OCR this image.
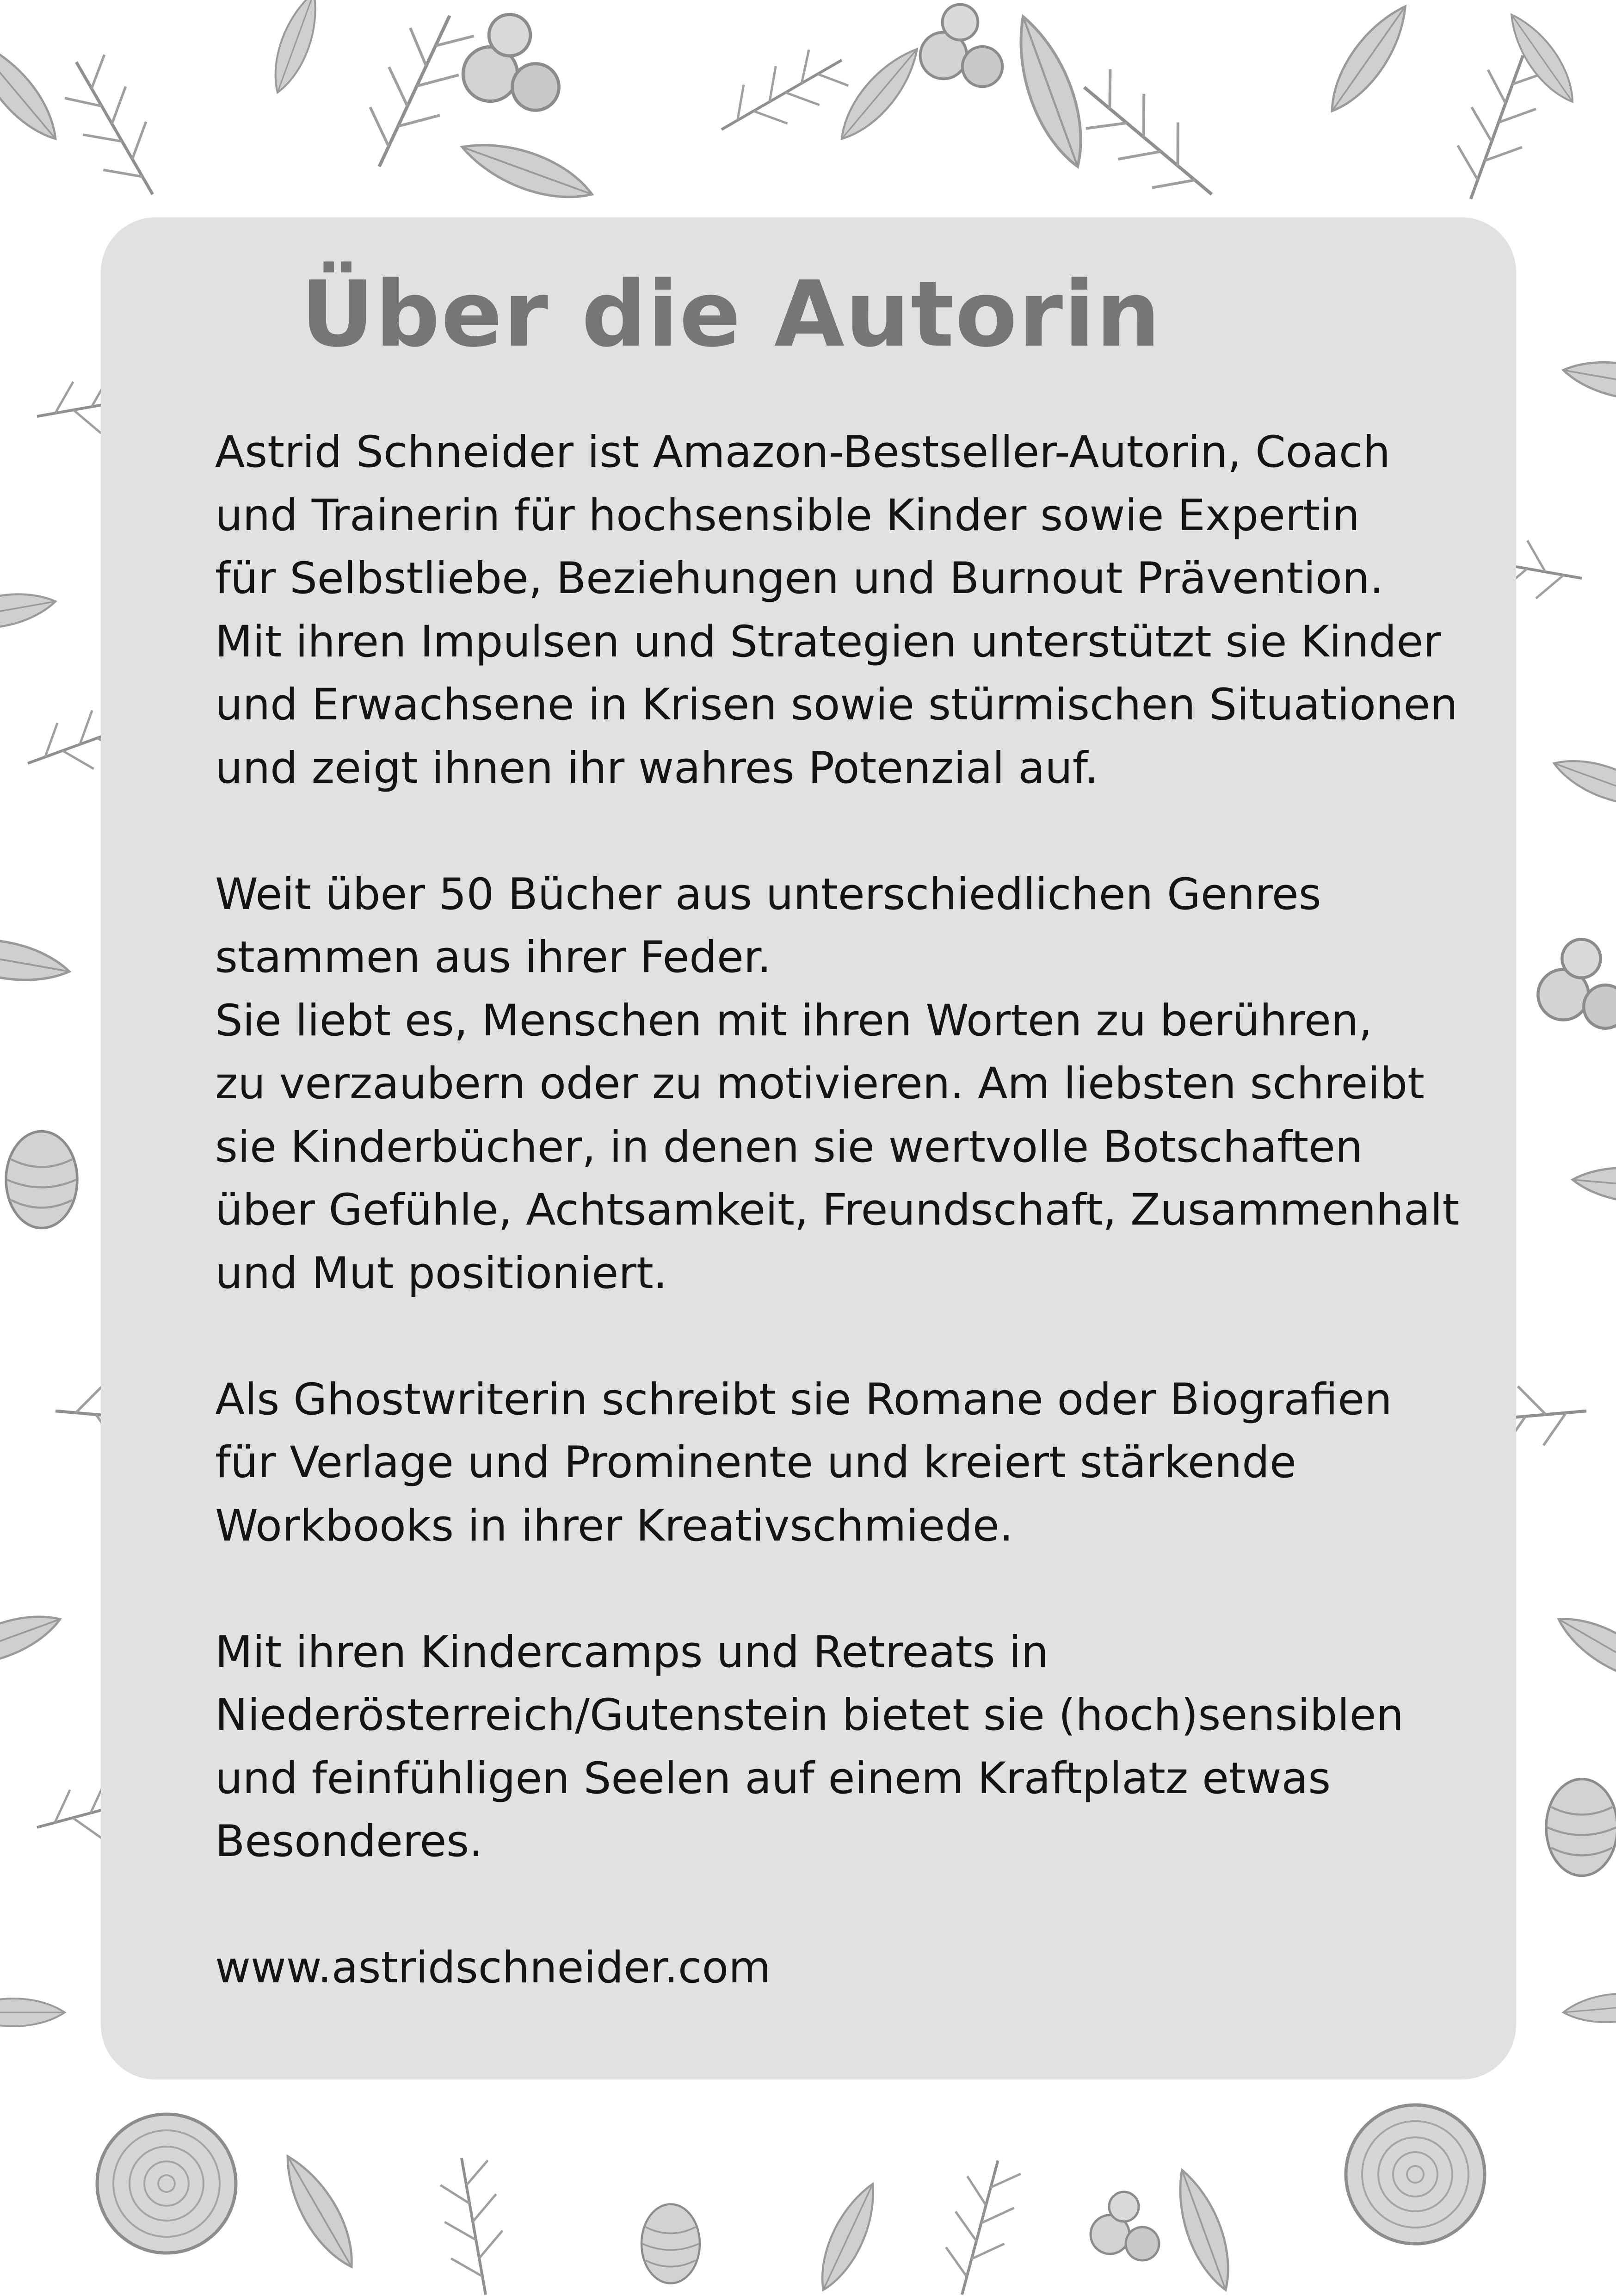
Über die Autorin

Astrid Schneider ist Amazon-Bestseller-Autorin, Coach
und Trainerin für hochsensible Kinder sowie Expertin
für Selbstliebe, Beziehungen und Burnout Prävention.
Mit ihren Impulsen und Strategien unterstützt sie Kinder
und Erwachsene in Krisen sowie stürmischen Situationen
und zeigt ihnen ihr wahres Potenzial auf.

Weit über 50 Bücher aus unterschiedlichen Genres
stammen aus ihrer Feder.
Sie liebt es, Menschen mit ihren Worten zu berühren,
zu verzaubern oder zu motivieren. Am liebsten schreibt
sie Kinderbücher, in denen sie wertvolle Botschaften
über Gefühle, Achtsamkeit, Freundschaft, Zusammenhalt
und Mut positioniert.

Als Ghostwriterin schreibt sie Romane oder Biografien
für Verlage und Prominente und kreiert stärkende
Workbooks in ihrer Kreativschmiede.

Mit ihren Kindercamps und Retreats in
Niederösterreich/Gutenstein bietet sie (hoch)sensiblen
und feinfühligen Seelen auf einem Kraftplatz etwas
Besonderes.

www.astridschneider.com
